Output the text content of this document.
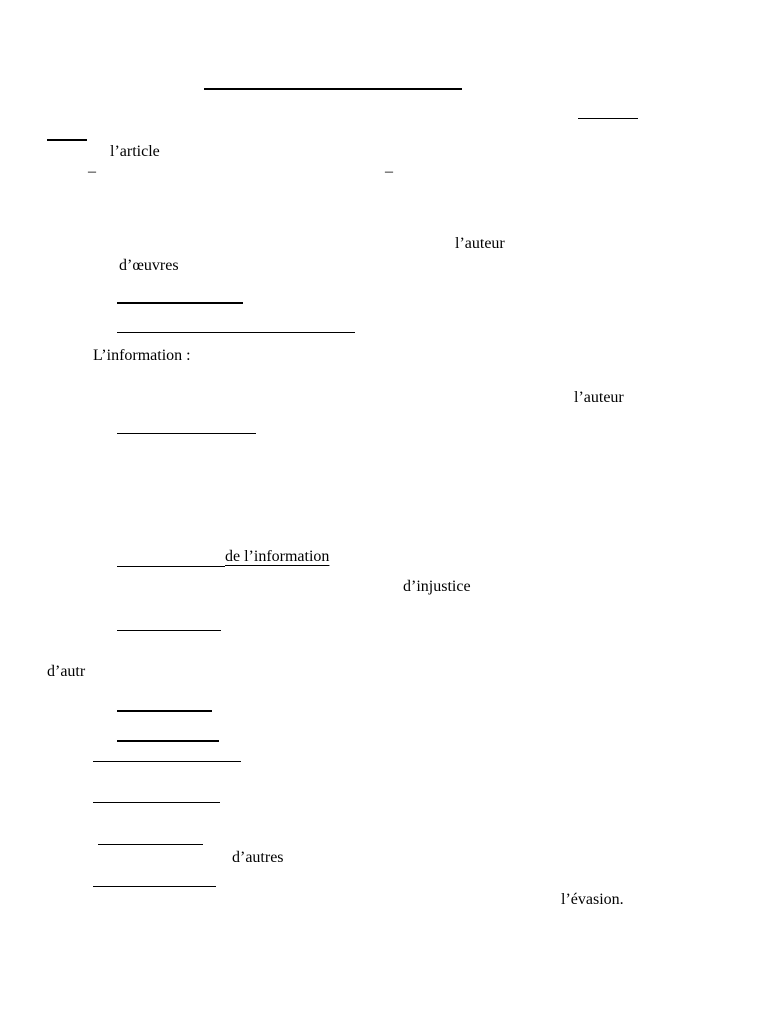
l’article
–	–
l’auteur
d’œuvres
L’information :
l’auteur
de l’information
d’injustice
d’autr
d’autres
l’évasion.
